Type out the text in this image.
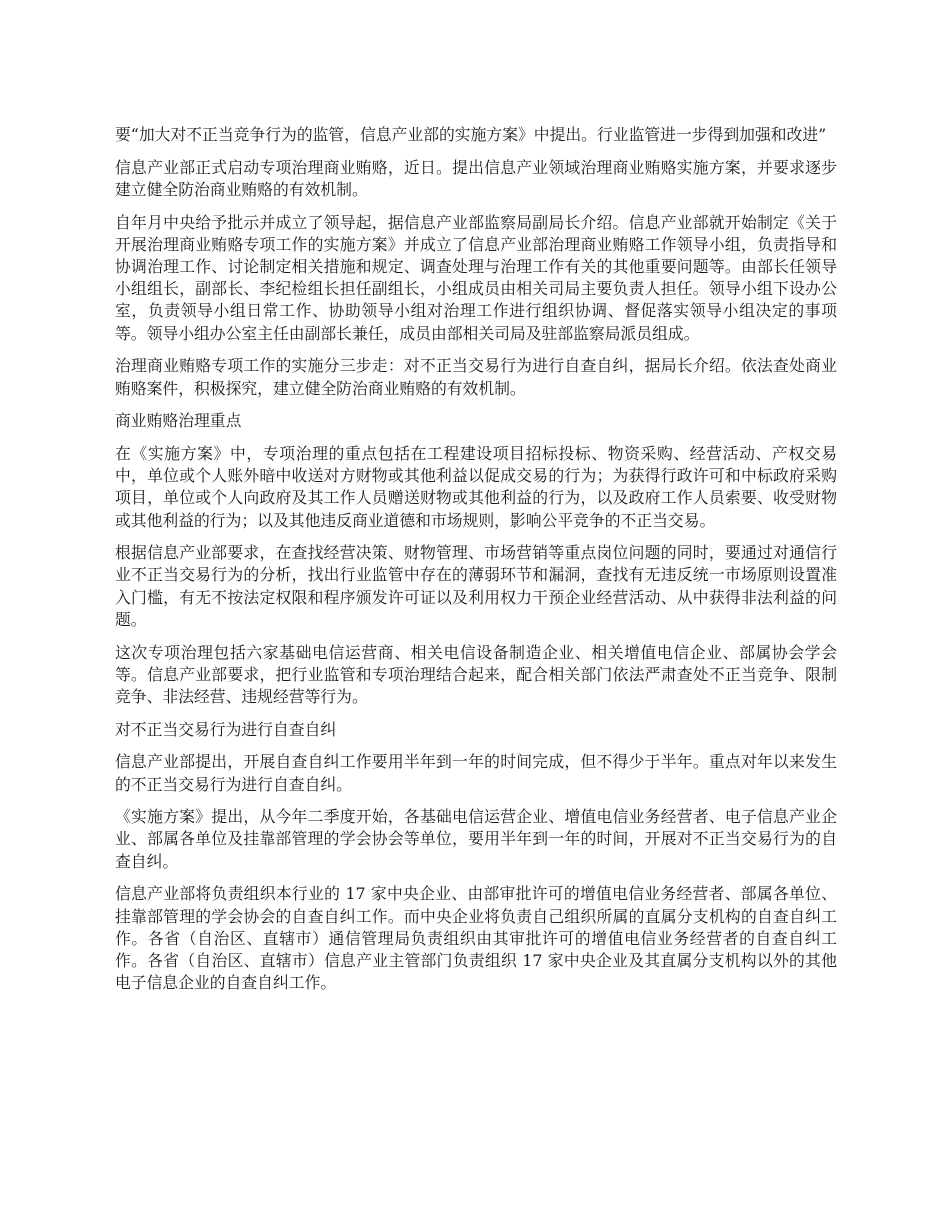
要“加大对不正当竞争行为的监管，信息产业部的实施方案》中提出。行业监管进一步得到加强和改进”

信息产业部正式启动专项治理商业贿赂，近日。提出信息产业领域治理商业贿赂实施方案，并要求逐步建立健全防治商业贿赂的有效机制。

自年月中央给予批示并成立了领导起，据信息产业部监察局副局长介绍。信息产业部就开始制定《关于开展治理商业贿赂专项工作的实施方案》并成立了信息产业部治理商业贿赂工作领导小组，负责指导和协调治理工作、讨论制定相关措施和规定、调查处理与治理工作有关的其他重要问题等。由部长任领导小组组长，副部长、李纪检组长担任副组长，小组成员由相关司局主要负责人担任。领导小组下设办公室，负责领导小组日常工作、协助领导小组对治理工作进行组织协调、督促落实领导小组决定的事项等。领导小组办公室主任由副部长兼任，成员由部相关司局及驻部监察局派员组成。

治理商业贿赂专项工作的实施分三步走：对不正当交易行为进行自查自纠，据局长介绍。依法查处商业贿赂案件，积极探究，建立健全防治商业贿赂的有效机制。

商业贿赂治理重点

在《实施方案》中，专项治理的重点包括在工程建设项目招标投标、物资采购、经营活动、产权交易中，单位或个人账外暗中收送对方财物或其他利益以促成交易的行为；为获得行政许可和中标政府采购项目，单位或个人向政府及其工作人员赠送财物或其他利益的行为，以及政府工作人员索要、收受财物或其他利益的行为；以及其他违反商业道德和市场规则，影响公平竞争的不正当交易。

根据信息产业部要求，在查找经营决策、财物管理、市场营销等重点岗位问题的同时，要通过对通信行业不正当交易行为的分析，找出行业监管中存在的薄弱环节和漏洞，查找有无违反统一市场原则设置准入门槛，有无不按法定权限和程序颁发许可证以及利用权力干预企业经营活动、从中获得非法利益的问题。

这次专项治理包括六家基础电信运营商、相关电信设备制造企业、相关增值电信企业、部属协会学会等。信息产业部要求，把行业监管和专项治理结合起来，配合相关部门依法严肃查处不正当竞争、限制竞争、非法经营、违规经营等行为。

对不正当交易行为进行自查自纠

信息产业部提出，开展自查自纠工作要用半年到一年的时间完成，但不得少于半年。重点对年以来发生的不正当交易行为进行自查自纠。

《实施方案》提出，从今年二季度开始，各基础电信运营企业、增值电信业务经营者、电子信息产业企业、部属各单位及挂靠部管理的学会协会等单位，要用半年到一年的时间，开展对不正当交易行为的自查自纠。

信息产业部将负责组织本行业的 17 家中央企业、由部审批许可的增值电信业务经营者、部属各单位、挂靠部管理的学会协会的自查自纠工作。而中央企业将负责自己组织所属的直属分支机构的自查自纠工作。各省（自治区、直辖市）通信管理局负责组织由其审批许可的增值电信业务经营者的自查自纠工作。各省（自治区、直辖市）信息产业主管部门负责组织 17 家中央企业及其直属分支机构以外的其他电子信息企业的自查自纠工作。
